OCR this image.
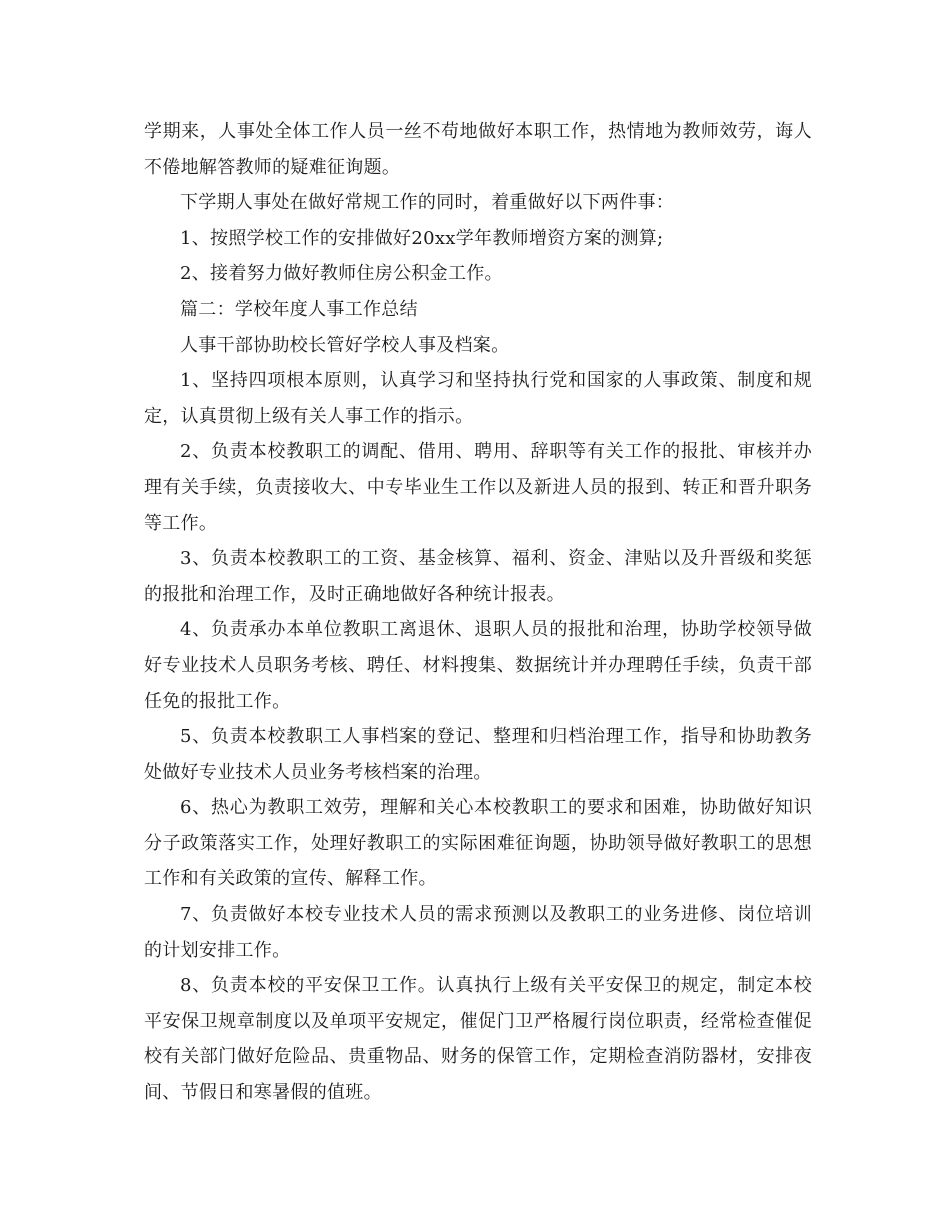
学期来，人事处全体工作人员一丝不苟地做好本职工作，热情地为教师效劳，诲人不倦地解答教师的疑难征询题。

下学期人事处在做好常规工作的同时，着重做好以下两件事：

1、按照学校工作的安排做好20xx学年教师增资方案的测算;

2、接着努力做好教师住房公积金工作。

篇二：学校年度人事工作总结

人事干部协助校长管好学校人事及档案。

1、坚持四项根本原则，认真学习和坚持执行党和国家的人事政策、制度和规定，认真贯彻上级有关人事工作的指示。

2、负责本校教职工的调配、借用、聘用、辞职等有关工作的报批、审核并办理有关手续，负责接收大、中专毕业生工作以及新进人员的报到、转正和晋升职务等工作。

3、负责本校教职工的工资、基金核算、福利、资金、津贴以及升晋级和奖惩的报批和治理工作，及时正确地做好各种统计报表。

4、负责承办本单位教职工离退休、退职人员的报批和治理，协助学校领导做好专业技术人员职务考核、聘任、材料搜集、数据统计并办理聘任手续，负责干部任免的报批工作。

5、负责本校教职工人事档案的登记、整理和归档治理工作，指导和协助教务处做好专业技术人员业务考核档案的治理。

6、热心为教职工效劳，理解和关心本校教职工的要求和困难，协助做好知识分子政策落实工作，处理好教职工的实际困难征询题，协助领导做好教职工的思想工作和有关政策的宣传、解释工作。

7、负责做好本校专业技术人员的需求预测以及教职工的业务进修、岗位培训的计划安排工作。

8、负责本校的平安保卫工作。认真执行上级有关平安保卫的规定，制定本校平安保卫规章制度以及单项平安规定，催促门卫严格履行岗位职责，经常检查催促校有关部门做好危险品、贵重物品、财务的保管工作，定期检查消防器材，安排夜间、节假日和寒暑假的值班。
